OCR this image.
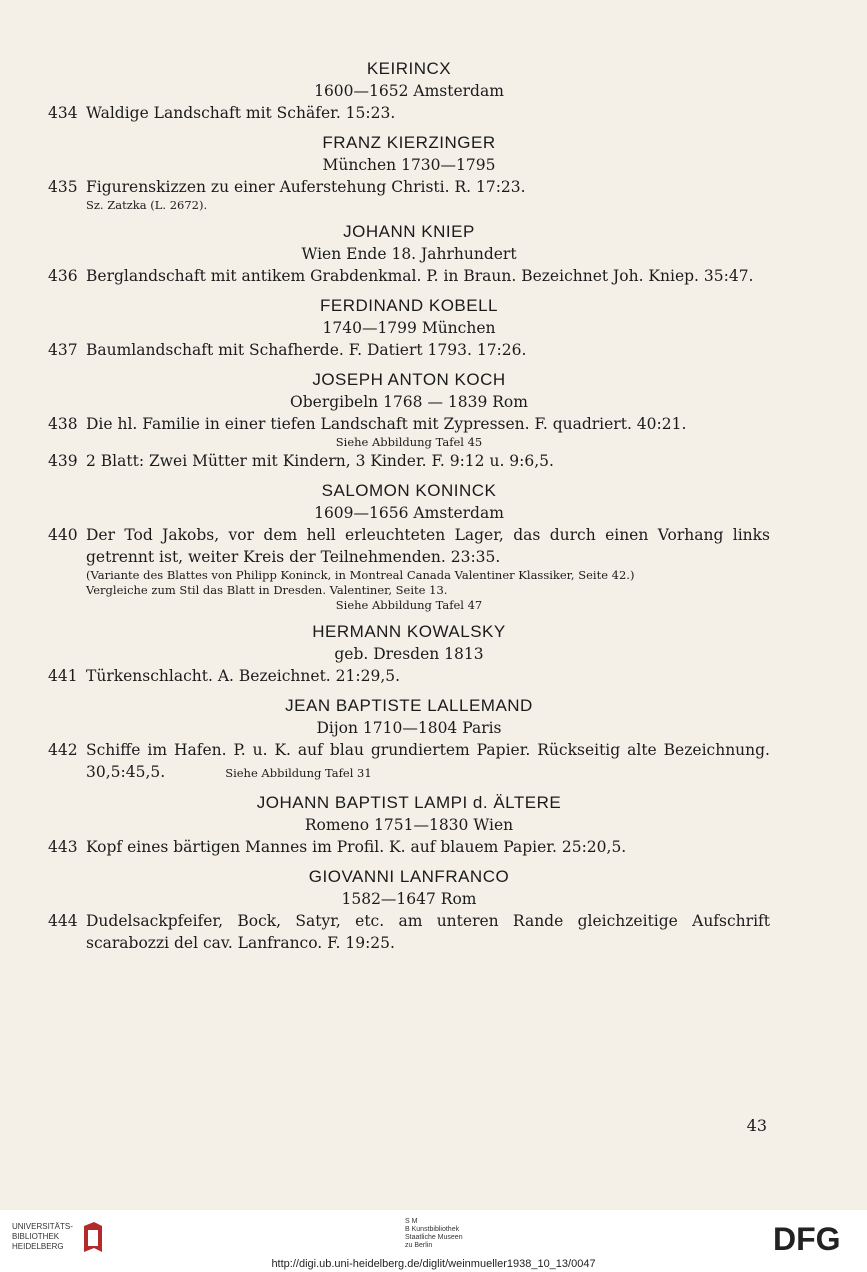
KEIRINCX
1600—1652 Amsterdam
434 Waldige Landschaft mit Schäfer. 15:23.
FRANZ KIERZINGER
München 1730—1795
435 Figurenskizzen zu einer Auferstehung Christi. R. 17:23.
Sz. Zatzka (L. 2672).
JOHANN KNIEP
Wien Ende 18. Jahrhundert
436 Berglandschaft mit antikem Grabdenkmal. P. in Braun. Bezeichnet Joh. Kniep. 35:47.
FERDINAND KOBELL
1740—1799 München
437 Baumlandschaft mit Schafherde. F. Datiert 1793. 17:26.
JOSEPH ANTON KOCH
Obergibeln 1768 — 1839 Rom
438 Die hl. Familie in einer tiefen Landschaft mit Zypressen. F. quadriert. 40:21.
Siehe Abbildung Tafel 45
439 2 Blatt: Zwei Mütter mit Kindern, 3 Kinder. F. 9:12 u. 9:6,5.
SALOMON KONINCK
1609—1656 Amsterdam
440 Der Tod Jakobs, vor dem hell erleuchteten Lager, das durch einen Vorhang links getrennt ist, weiter Kreis der Teilnehmenden. 23:35.
(Variante des Blattes von Philipp Koninck, in Montreal Canada Valentiner Klassiker, Seite 42.)
Vergleiche zum Stil das Blatt in Dresden. Valentiner, Seite 13.
Siehe Abbildung Tafel 47
HERMANN KOWALSKY
geb. Dresden 1813
441 Türkenschlacht. A. Bezeichnet. 21:29,5.
JEAN BAPTISTE LALLEMAND
Dijon 1710—1804 Paris
442 Schiffe im Hafen. P. u. K. auf blau grundiertem Papier. Rückseitig alte Bezeichnung. 30,5:45,5.	Siehe Abbildung Tafel 31
JOHANN BAPTIST LAMPI d. ÄLTERE
Romeno 1751—1830 Wien
443 Kopf eines bärtigen Mannes im Profil. K. auf blauem Papier. 25:20,5.
GIOVANNI LANFRANCO
1582—1647 Rom
444 Dudelsackpfeifer, Bock, Satyr, etc. am unteren Rande gleichzeitige Aufschrift scarabozzi del cav. Lanfranco. F. 19:25.
43
UNIVERSITÄTS-
BIBLIOTHEK
HEIDELBERG
S M
B Kunstbibliothek
Staatliche Museen
zu Berlin	DFG
http://digi.ub.uni-heidelberg.de/diglit/weinmueller1938_10_13/0047
